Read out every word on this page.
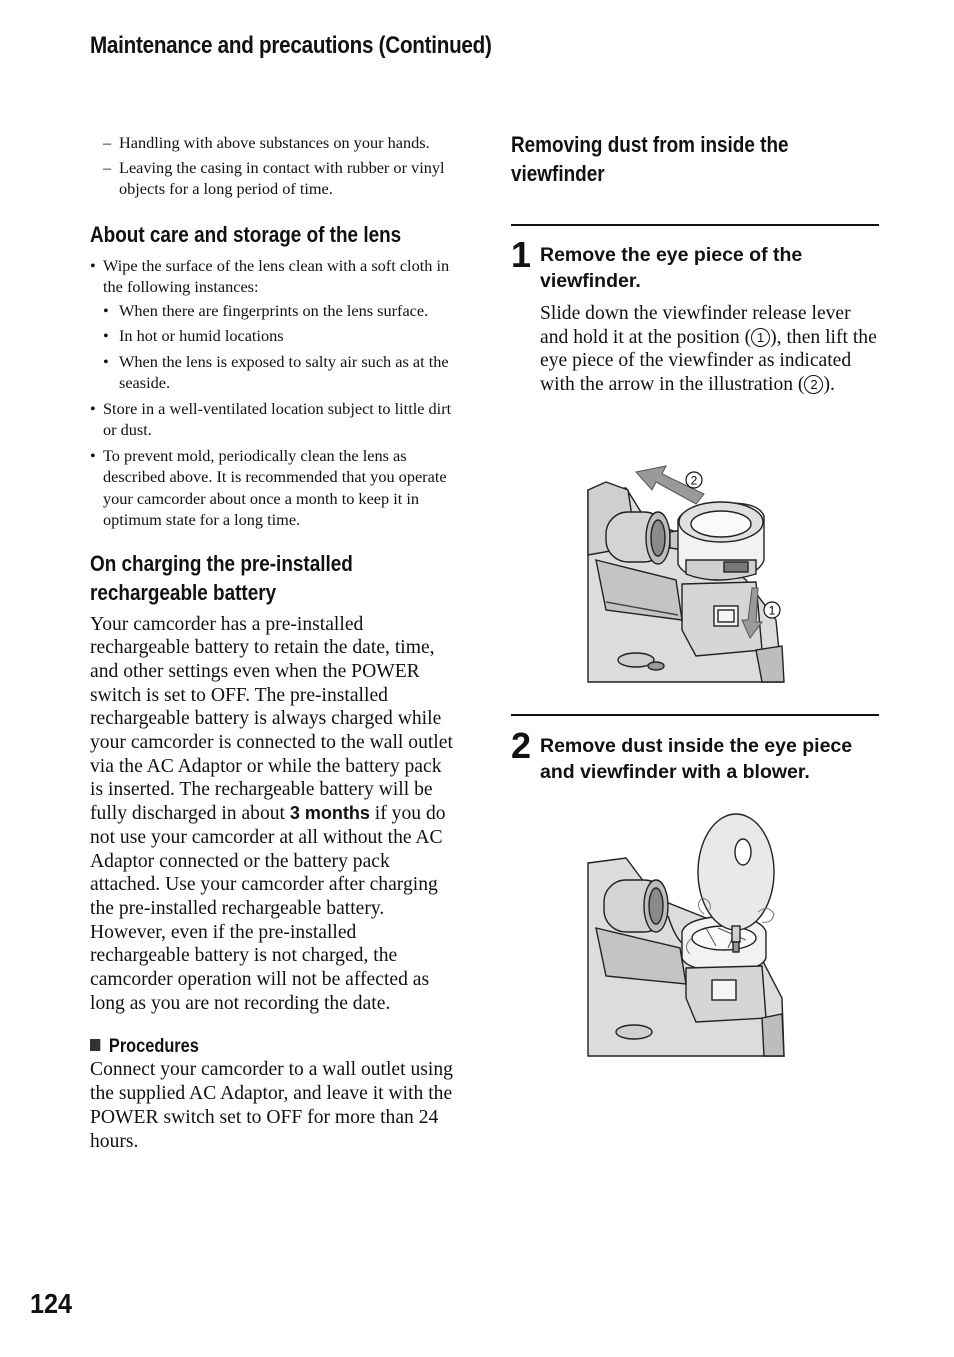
Maintenance and precautions (Continued)
– Handling with above substances on your hands.
– Leaving the casing in contact with rubber or vinyl objects for a long period of time.
About care and storage of the lens
• Wipe the surface of the lens clean with a soft cloth in the following instances:
• When there are fingerprints on the lens surface.
• In hot or humid locations
• When the lens is exposed to salty air such as at the seaside.
• Store in a well-ventilated location subject to little dirt or dust.
• To prevent mold, periodically clean the lens as described above. It is recommended that you operate your camcorder about once a month to keep it in optimum state for a long time.
On charging the pre-installed
rechargeable battery

Your camcorder has a pre-installed rechargeable battery to retain the date, time, and other settings even when the POWER switch is set to OFF. The pre-installed rechargeable battery is always charged while your camcorder is connected to the wall outlet via the AC Adaptor or while the battery pack is inserted. The rechargeable battery will be fully discharged in about 3 months if you do not use your camcorder at all without the AC Adaptor connected or the battery pack attached. Use your camcorder after charging the pre-installed rechargeable battery.

However, even if the pre-installed rechargeable battery is not charged, the camcorder operation will not be affected as long as you are not recording the date.

Procedures

Connect your camcorder to a wall outlet using the supplied AC Adaptor, and leave it with the POWER switch set to OFF for more than 24 hours.

Removing dust from inside the
viewfinder
1 Remove the eye piece of the viewfinder.

Slide down the viewfinder release lever and hold it at the position ( 1 ), then lift the eye piece of the viewfinder as indicated with the arrow in the illustration ( 2 ).

2
1
2 Remove dust inside the eye piece and viewfinder with a blower.

124
